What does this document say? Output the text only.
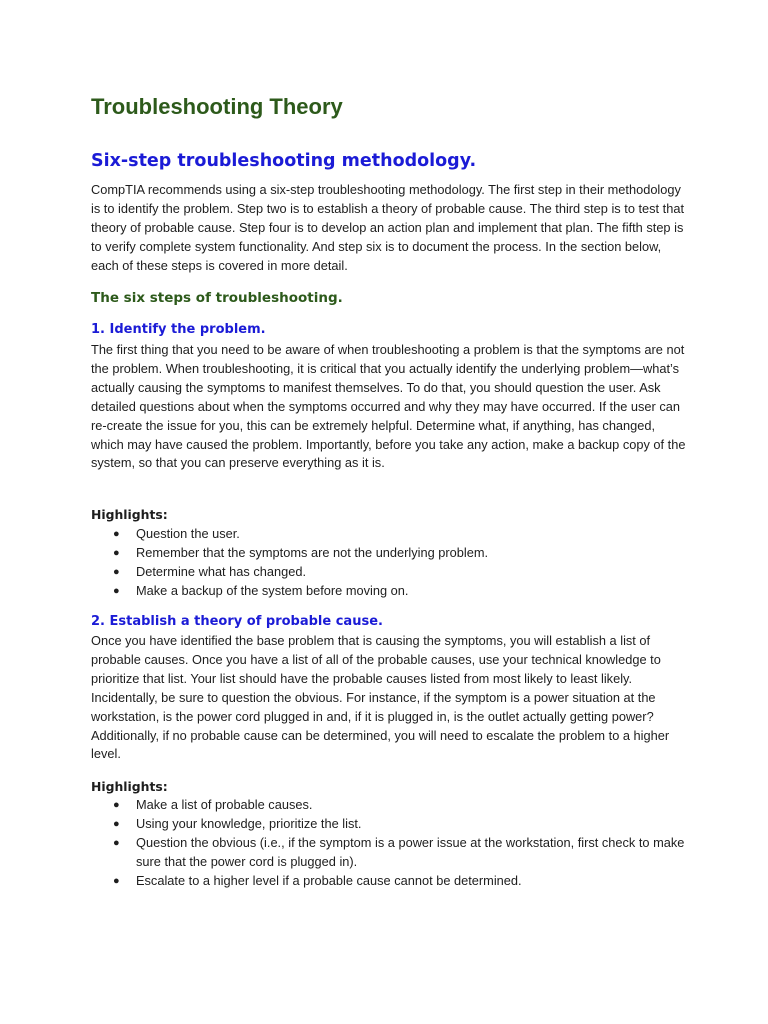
Troubleshooting Theory
Six-step troubleshooting methodology.

CompTIA recommends using a six-step troubleshooting methodology. The first step in their methodology is to identify the problem. Step two is to establish a theory of probable cause. The third step is to test that theory of probable cause. Step four is to develop an action plan and implement that plan. The fifth step is to verify complete system functionality. And step six is to document the process. In the section below, each of these steps is covered in more detail.

The six steps of troubleshooting.
1. Identify the problem.

The first thing that you need to be aware of when troubleshooting a problem is that the symptoms are not the problem. When troubleshooting, it is critical that you actually identify the underlying problem—what’s actually causing the symptoms to manifest themselves. To do that, you should question the user. Ask detailed questions about when the symptoms occurred and why they may have occurred. If the user can re-create the issue for you, this can be extremely helpful. Determine what, if anything, has changed, which may have caused the problem. Importantly, before you take any action, make a backup copy of the system, so that you can preserve everything as it is.

Highlights:
● Question the user.
● Remember that the symptoms are not the underlying problem.
● Determine what has changed.
● Make a backup of the system before moving on.
2. Establish a theory of probable cause.

Once you have identified the base problem that is causing the symptoms, you will establish a list of probable causes. Once you have a list of all of the probable causes, use your technical knowledge to prioritize that list. Your list should have the probable causes listed from most likely to least likely. Incidentally, be sure to question the obvious. For instance, if the symptom is a power situation at the workstation, is the power cord plugged in and, if it is plugged in, is the outlet actually getting power? Additionally, if no probable cause can be determined, you will need to escalate the problem to a higher level.

Highlights:
● Make a list of probable causes.
● Using your knowledge, prioritize the list.
● Question the obvious (i.e., if the symptom is a power issue at the workstation, first check to make sure that the power cord is plugged in).
● Escalate to a higher level if a probable cause cannot be determined.
